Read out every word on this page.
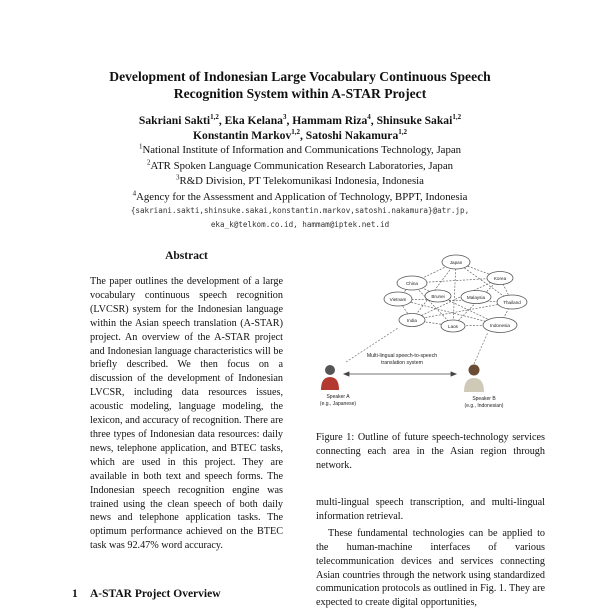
Development of Indonesian Large Vocabulary Continuous Speech
Recognition System within A-STAR Project
Sakriani Sakti$^{1,2}$, Eka Kelana$^3$, Hammam Riza$^4$, Shinsuke Sakai$^{1,2}$
Konstantin Markov$^{1,2}$, Satoshi Nakamura$^{1,2}$
$^1$National Institute of Information and Communications Technology, Japan
$^2$ATR Spoken Language Communication Research Laboratories, Japan
$^3$R&D Division, PT Telekomunikasi Indonesia, Indonesia
$^4$Agency for the Assessment and Application of Technology, BPPT, Indonesia
{sakriani.sakti,shinsuke.sakai,konstantin.markov,satoshi.nakamura}@atr.jp,
eka_k@telkom.co.id, hammam@iptek.net.id
Abstract
The paper outlines the development of a large vocabulary continuous speech recognition (LVCSR) system for the Indonesian language within the Asian speech translation (A-STAR) project. An overview of the A-STAR project and Indonesian language characteristics will be briefly described. We then focus on a discussion of the development of Indonesian LVCSR, including data resources issues, acoustic modeling, language modeling, the lexicon, and accuracy of recognition. There are three types of Indonesian data resources: daily news, telephone application, and BTEC tasks, which are used in this project. They are available in both text and speech forms. The Indonesian speech recognition engine was trained using the clean speech of both daily news and telephone application tasks. The optimum performance achieved on the BTEC task was 92.47% word accuracy.
1 A-STAR Project Overview
China
Japan
Korea
Thailand
Vietnam
India
Indonesia
Laos
Brunei	Malaysia
Multi-lingual speech-to-speech
translation system
Speaker A
(e.g., Japanese)
Speaker B
(e.g., Indonesian)
Figure 1: Outline of future speech-technology services connecting each area in the Asian region through network.

multi-lingual speech transcription, and multi-lingual information retrieval.

These fundamental technologies can be applied to the human-machine interfaces of various telecommunication devices and services connecting Asian countries through the network using standardized communication protocols as outlined in Fig. 1. They are expected to create digital opportunities,
